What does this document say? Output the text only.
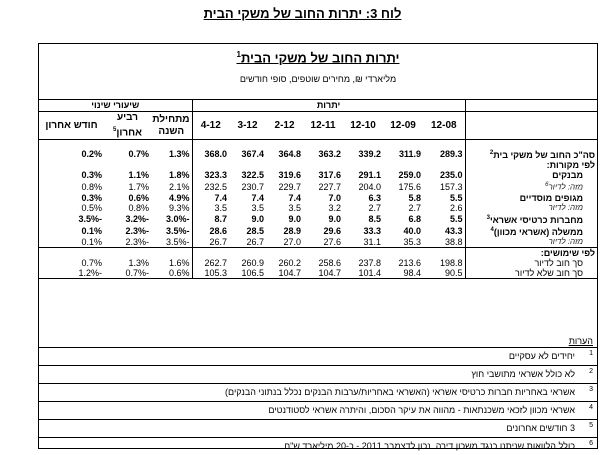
לוח 3: יתרות החוב של משקי הבית
יתרות החוב של משקי הבית$^1$
מליארדי ₪, מחירים שוטפים, סופי חודשים
	יתרות							שיעורי שינוי		
	12-08	12-09	12-10	12-11	2-12	3-12	4-12	מתחילת השנה	רביע אחרון$^5$	חודש אחרון

סה"כ החוב של משקי בית$^2$	289.3	311.9	339.2	363.2	364.8	367.4	368.0	1.3%	0.7%	0.2%
לפי מקורות:										
מבנקים	235.0	259.0	291.1	317.6	319.6	322.5	323.3	1.8%	1.1%	0.3%
מזה: לדיור$^6$	157.3	175.6	204.0	227.7	229.7	230.7	232.5	2.1%	1.7%	0.8%
מגופים מוסדיים	5.5	5.8	6.3	7.0	7.4	7.4	7.4	4.9%	0.6%	0.3%
מזה: לדיור	2.6	2.7	2.7	3.2	3.5	3.5	3.5	9.3%	0.8%	0.5%
מחברות כרטיסי אשראי$^3$	5.5	6.8	8.5	9.0	9.0	9.0	8.7	-3.0%	-3.2%	-3.5%
ממשלה (אשראי מכוון)$^4$	43.3	40.0	33.3	29.6	28.9	28.5	28.6	-3.5%	-2.3%	0.1%
מזה: לדיור	38.8	35.3	31.1	27.6	27.0	26.7	26.7	-3.5%	-2.3%	0.1%
לפי שימושים:										
סך חוב לדיור	198.8	213.6	237.8	258.6	260.2	260.9	262.7	1.6%	1.3%	0.7%
סך חוב שלא לדיור	90.5	98.4	101.4	104.7	104.7	106.5	105.3	0.6%	-0.7%	-1.2%
הערות
1
יחידים לא עסקיים
2
לא כולל אשראי מתושבי חוץ
3
אשראי באחריות חברות כרטיסי אשראי (האשראי באחריות/ערבות הבנקים נכלל בנתוני הבנקים)
4
אשראי מכוון לזכאי משכנתאות - מהווה את עיקר הסכום, והיתרה אשראי לסטודנטים
5
3 חודשים אחרונים
6
כולל הלוואות שניתנו כנגד משכון דירה. נכון לדצמבר 2011 - כ-20 מיליארד ש"ח.
